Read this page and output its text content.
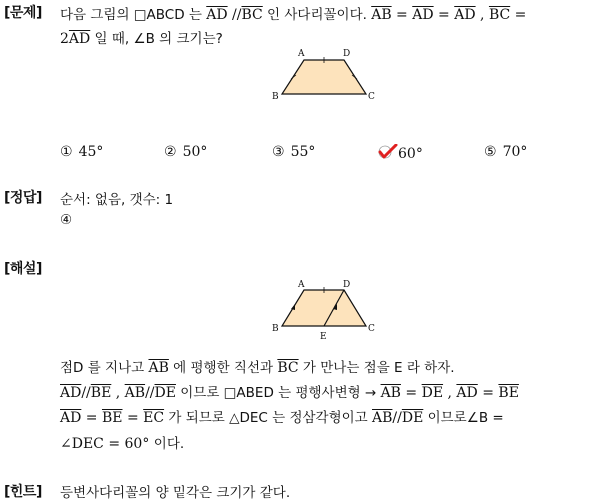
[문제] 다음 그림의 □ABCD 는 $\overline{AD}$ $//\overline{BC}$ 인 사다리꼴이다. $\overline{AB} = \overline{AD} = \overline{AD}$ , $\overline{BC}$ =
$2\overline{AD}$ 일 때, ∠B 의 크기는?
A	D
B	C
① 45°	② 50°	③ 55°	60°	⑤ 70°
[정답] 순서: 없음, 갯수: 1
④
[해설]
A	D
B
E
C
점D 를 지나고 $\overline{AB}$ 에 평행한 직선과 $\overline{BC}$ 가 만나는 점을 E 라 하자.
$\overline{AD}//\overline{BE}$ , $\overline{AB}//\overline{DE}$ 이므로 □ABED 는 평행사변형 → $\overline{AB} = \overline{DE}$ , $\overline{AD} = \overline{BE}$
$\overline{AD} = \overline{BE} = \overline{EC}$ 가 되므로 △DEC 는 정삼각형이고 $\overline{AB}//\overline{DE}$ 이므로∠B =
∠DEC = 60° 이다.
[힌트] 등변사다리꼴의 양 밑각은 크기가 같다.
